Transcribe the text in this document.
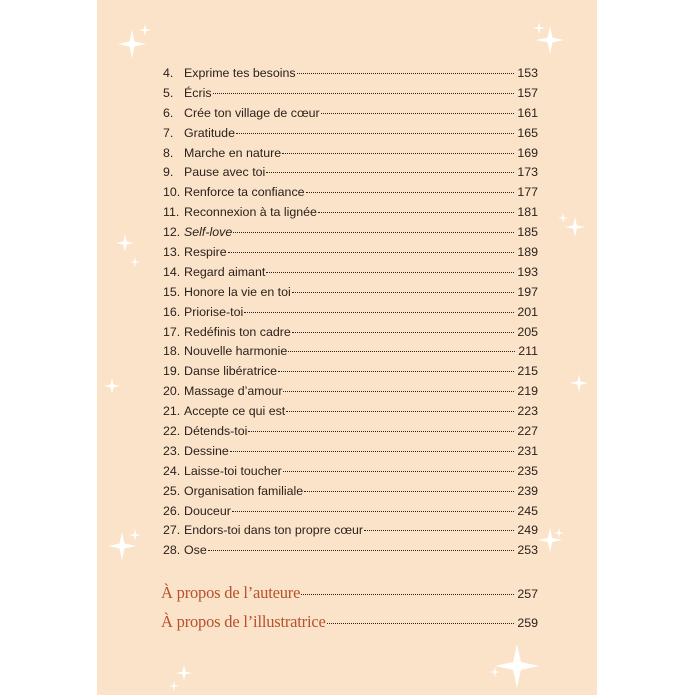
4. Exprime tes besoins	153
5. Écris	157
6. Crée ton village de cœur	161
7. Gratitude	165
8. Marche en nature	169
9. Pause avec toi	173
10. Renforce ta confiance	177
11. Reconnexion à ta lignée	181
12. Self-love	185
13. Respire	189
14. Regard aimant	193
15. Honore la vie en toi	197
16. Priorise-toi	201
17. Redéfinis ton cadre	205
18. Nouvelle harmonie	211
19. Danse libératrice	215
20. Massage d’amour	219
21. Accepte ce qui est	223
22. Détends-toi	227
23. Dessine	231
24. Laisse-toi toucher	235
25. Organisation familiale	239
26. Douceur	245
27. Endors-toi dans ton propre cœur	249
28. Ose	253
À propos de l’auteure	257
À propos de l’illustratrice	259
